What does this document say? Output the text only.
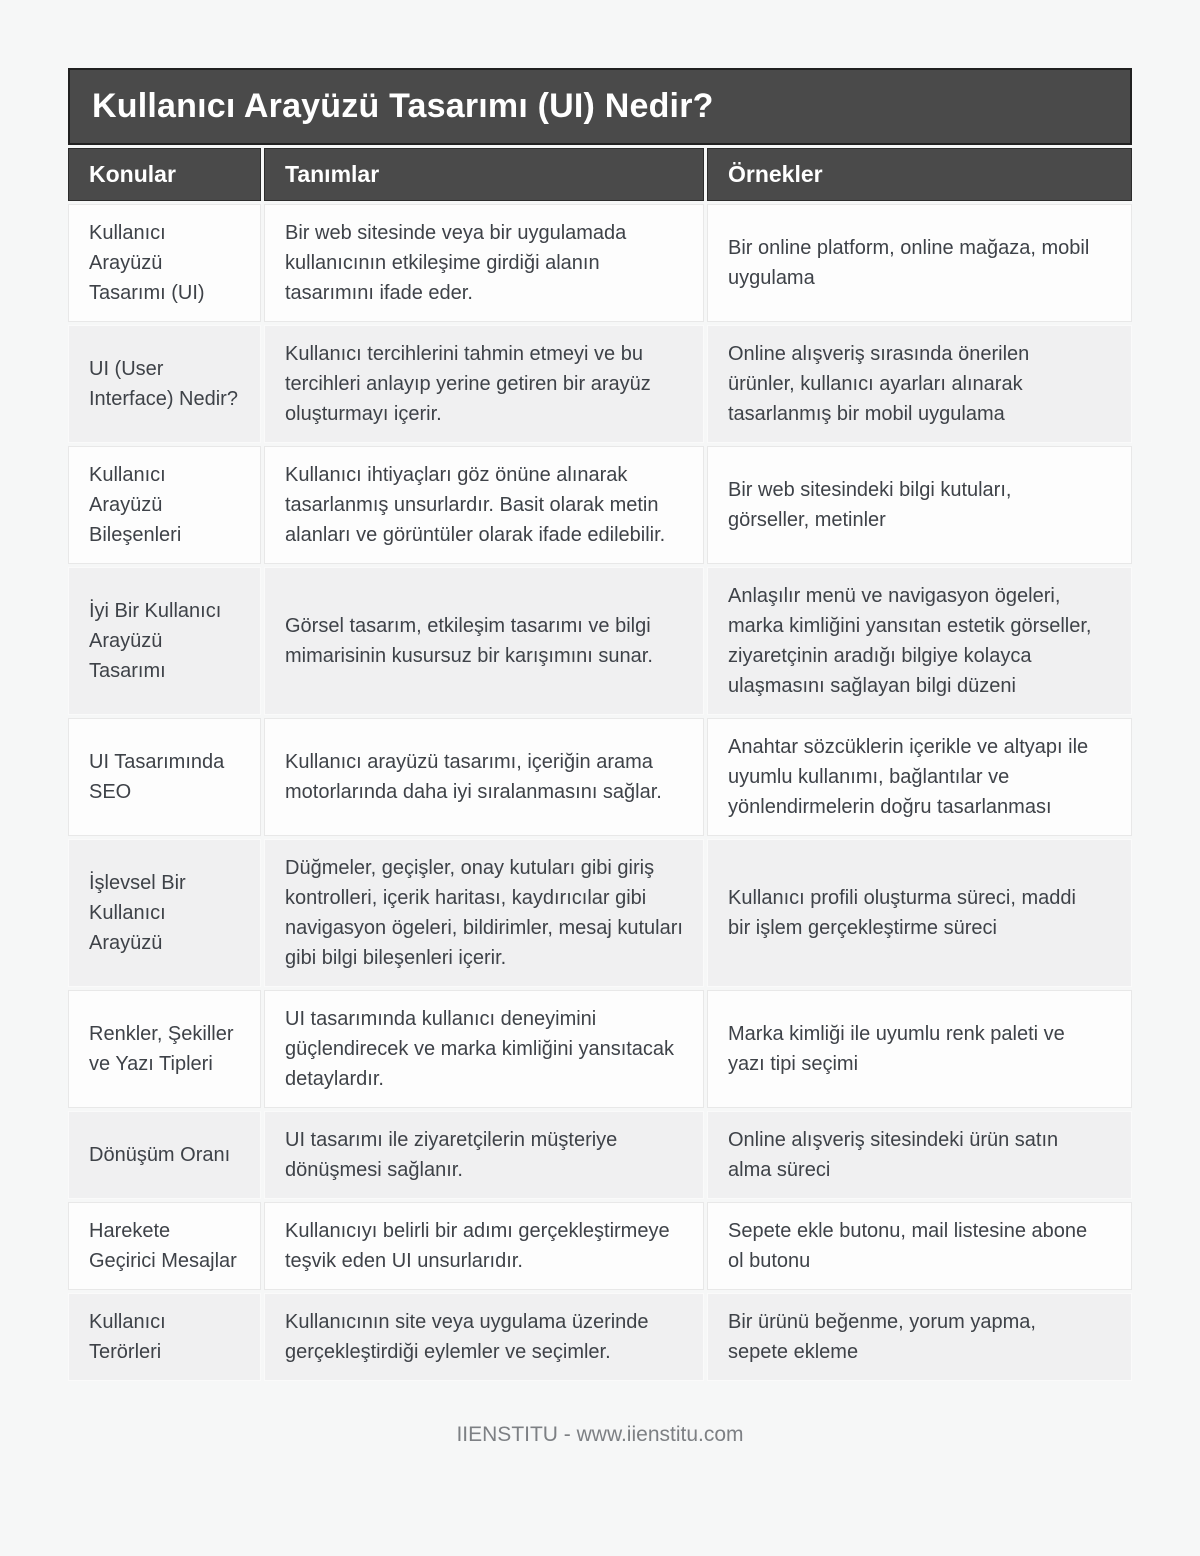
Kullanıcı Arayüzü Tasarımı (UI) Nedir?
Konular	Tanımlar	Örnekler
Kullanıcı Arayüzü Tasarımı (UI)
Bir web sitesinde veya bir uygulamada kullanıcının etkileşime girdiği alanın tasarımını ifade eder.
Bir online platform, online mağaza, mobil uygulama
UI (User Interface) Nedir?
Kullanıcı tercihlerini tahmin etmeyi ve bu tercihleri anlayıp yerine getiren bir arayüz oluşturmayı içerir.
Online alışveriş sırasında önerilen ürünler, kullanıcı ayarları alınarak tasarlanmış bir mobil uygulama
Kullanıcı Arayüzü Bileşenleri
Kullanıcı ihtiyaçları göz önüne alınarak tasarlanmış unsurlardır. Basit olarak metin alanları ve görüntüler olarak ifade edilebilir.
Bir web sitesindeki bilgi kutuları, görseller, metinler
İyi Bir Kullanıcı Arayüzü Tasarımı
Görsel tasarım, etkileşim tasarımı ve bilgi mimarisinin kusursuz bir karışımını sunar.
Anlaşılır menü ve navigasyon ögeleri, marka kimliğini yansıtan estetik görseller, ziyaretçinin aradığı bilgiye kolayca ulaşmasını sağlayan bilgi düzeni
UI Tasarımında SEO
Kullanıcı arayüzü tasarımı, içeriğin arama motorlarında daha iyi sıralanmasını sağlar.
Anahtar sözcüklerin içerikle ve altyapı ile uyumlu kullanımı, bağlantılar ve yönlendirmelerin doğru tasarlanması
İşlevsel Bir Kullanıcı Arayüzü
Düğmeler, geçişler, onay kutuları gibi giriş kontrolleri, içerik haritası, kaydırıcılar gibi navigasyon ögeleri, bildirimler, mesaj kutuları gibi bilgi bileşenleri içerir.
Kullanıcı profili oluşturma süreci, maddi bir işlem gerçekleştirme süreci
Renkler, Şekiller ve Yazı Tipleri
UI tasarımında kullanıcı deneyimini güçlendirecek ve marka kimliğini yansıtacak detaylardır.
Marka kimliği ile uyumlu renk paleti ve yazı tipi seçimi
Dönüşüm Oranı
UI tasarımı ile ziyaretçilerin müşteriye dönüşmesi sağlanır.
Online alışveriş sitesindeki ürün satın alma süreci
Harekete Geçirici Mesajlar
Kullanıcıyı belirli bir adımı gerçekleştirmeye teşvik eden UI unsurlarıdır.
Sepete ekle butonu, mail listesine abone ol butonu
Kullanıcı Terörleri
Kullanıcının site veya uygulama üzerinde gerçekleştirdiği eylemler ve seçimler.
Bir ürünü beğenme, yorum yapma, sepete ekleme
IIENSTITU - www.iienstitu.com
